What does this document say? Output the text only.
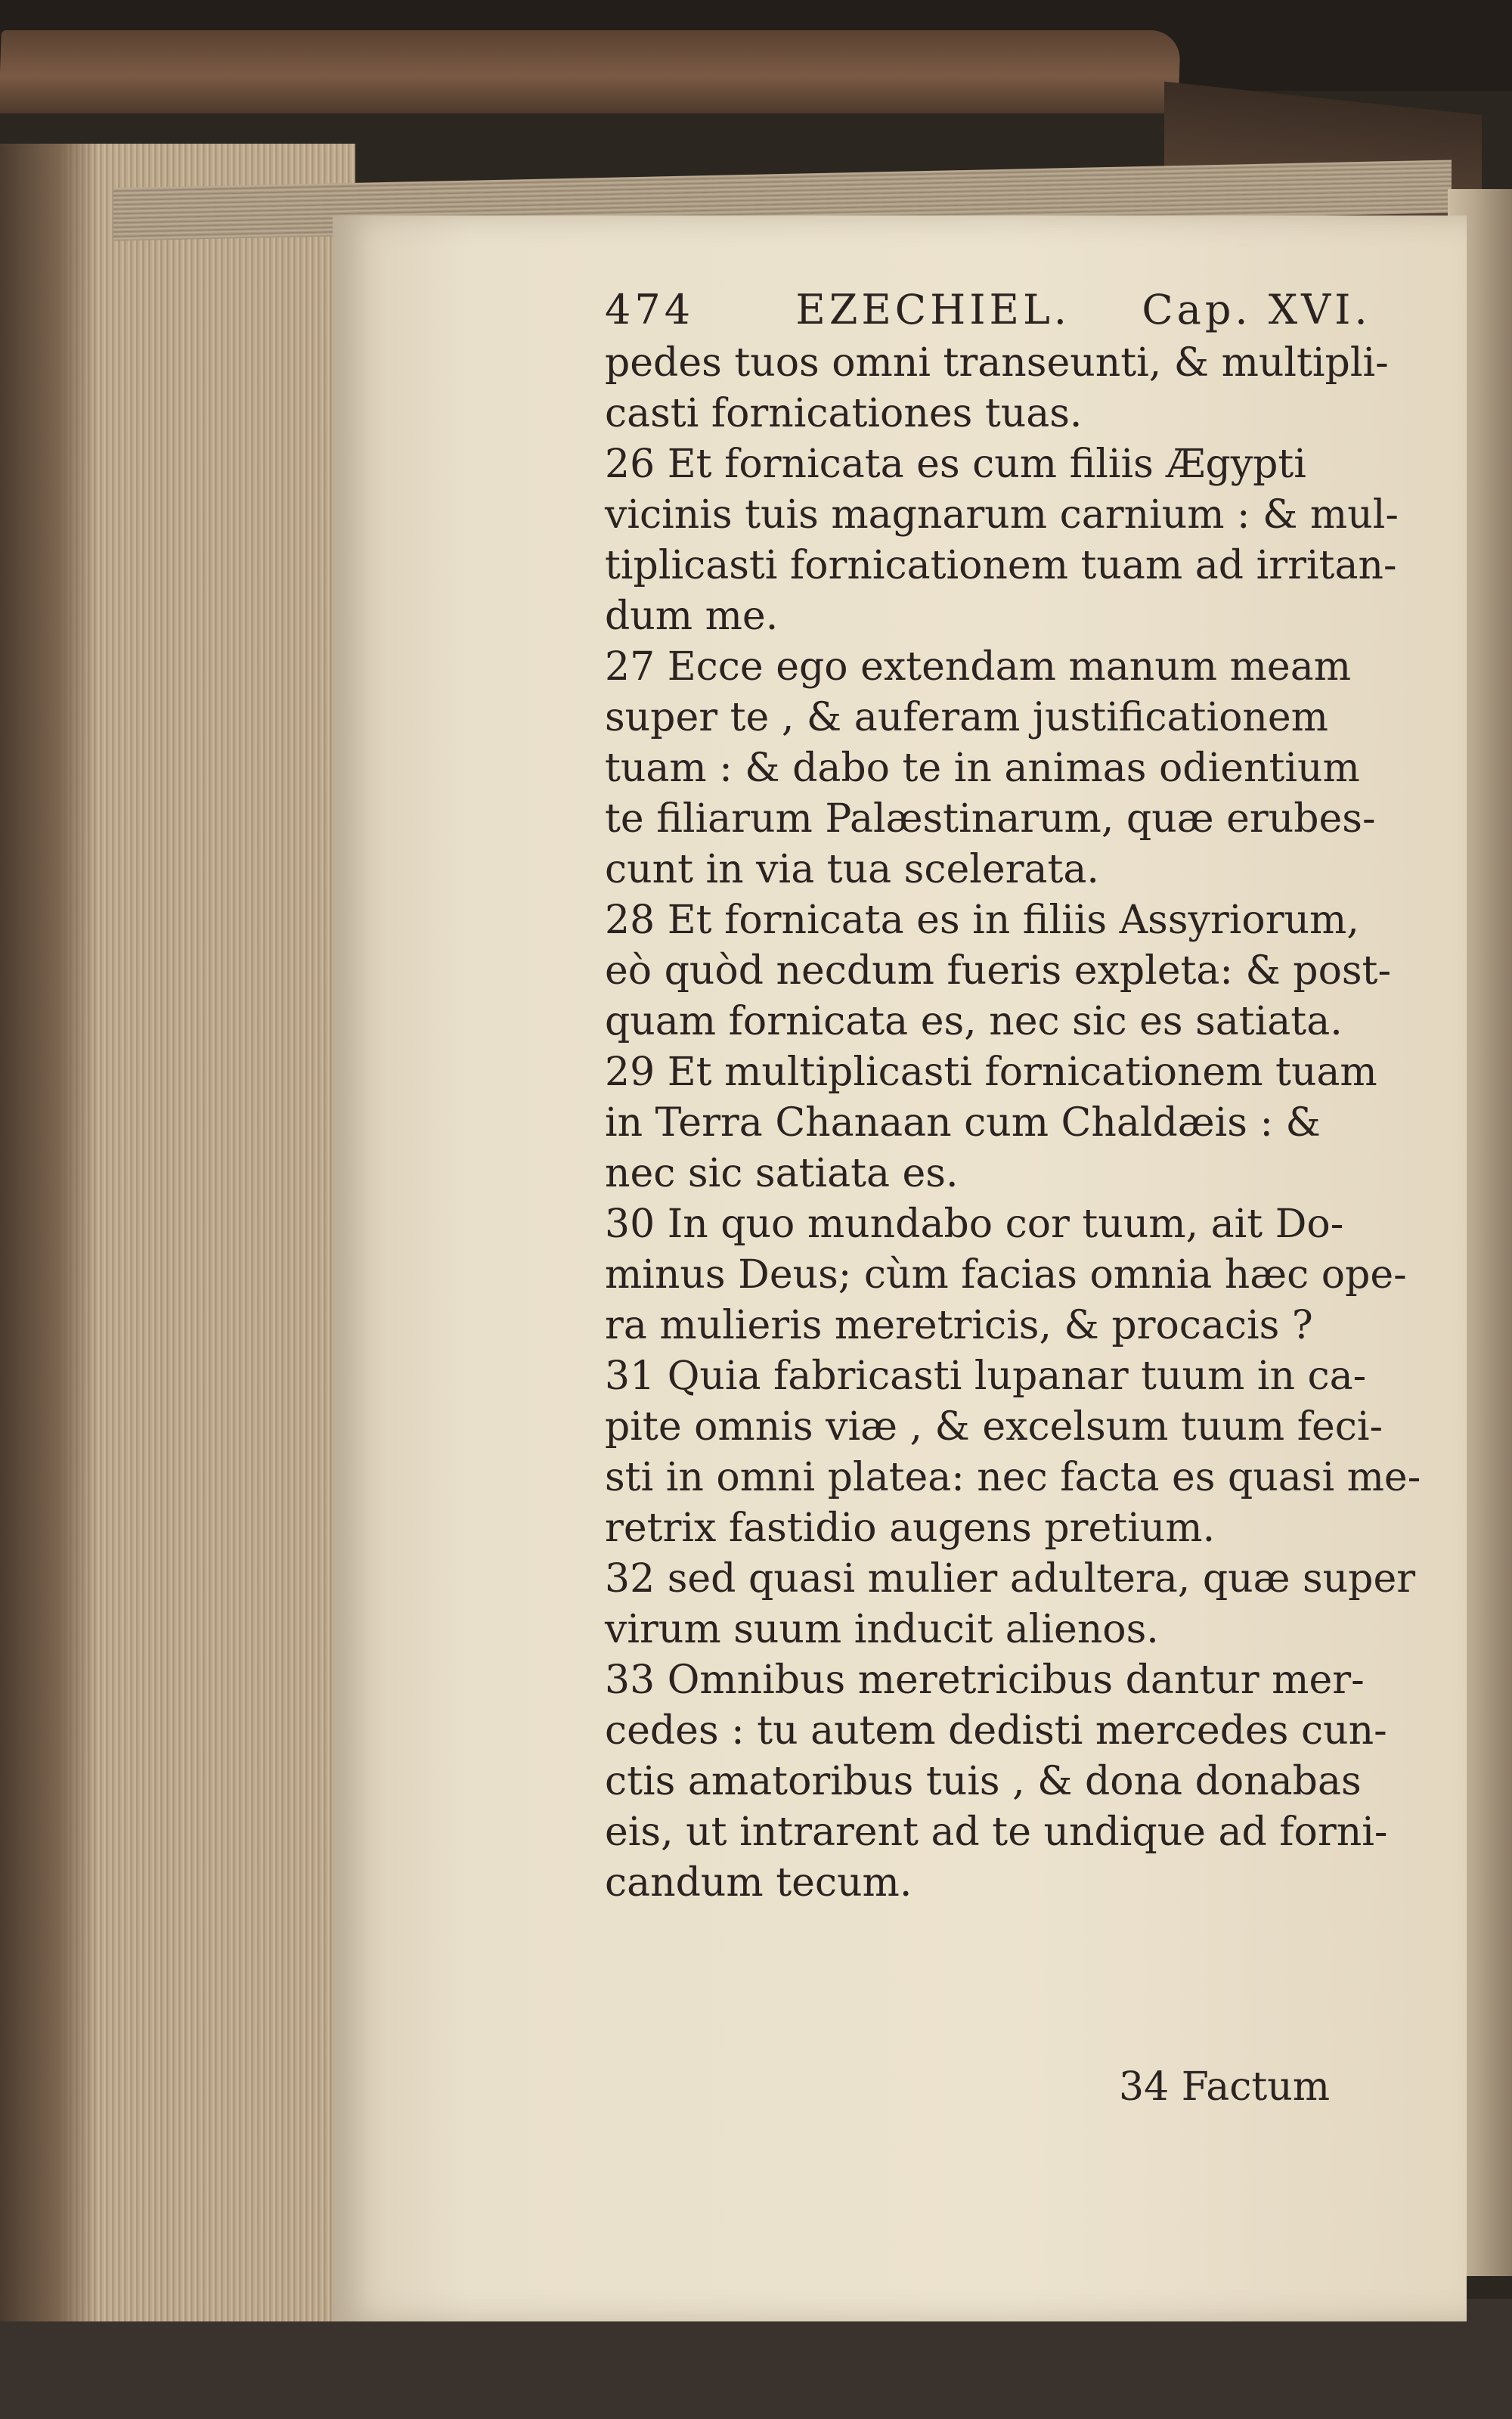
474 EZECHIEL. Cap. XVI.
pedes tuos omni transeunti, & multipli-
casti fornicationes tuas.
26 Et fornicata es cum filiis Ægypti
vicinis tuis magnarum carnium : & mul-
tiplicasti fornicationem tuam ad irritan-
dum me.
27 Ecce ego extendam manum meam
super te , & auferam justificationem
tuam : & dabo te in animas odientium
te filiarum Palæstinarum, quæ erubes-
cunt in via tua scelerata.
28 Et fornicata es in filiis Assyriorum,
eò quòd necdum fueris expleta: & post-
quam fornicata es, nec sic es satiata.
29 Et multiplicasti fornicationem tuam
in Terra Chanaan cum Chaldæis : &
nec sic satiata es.
30 In quo mundabo cor tuum, ait Do-
minus Deus; cùm facias omnia hæc ope-
ra mulieris meretricis, & procacis ?
31 Quia fabricasti lupanar tuum in ca-
pite omnis viæ , & excelsum tuum feci-
sti in omni platea: nec facta es quasi me-
retrix fastidio augens pretium.
32 sed quasi mulier adultera, quæ super
virum suum inducit alienos.
33 Omnibus meretricibus dantur mer-
cedes : tu autem dedisti mercedes cun-
ctis amatoribus tuis , & dona donabas
eis, ut intrarent ad te undique ad forni-
candum tecum.
34 Factum
